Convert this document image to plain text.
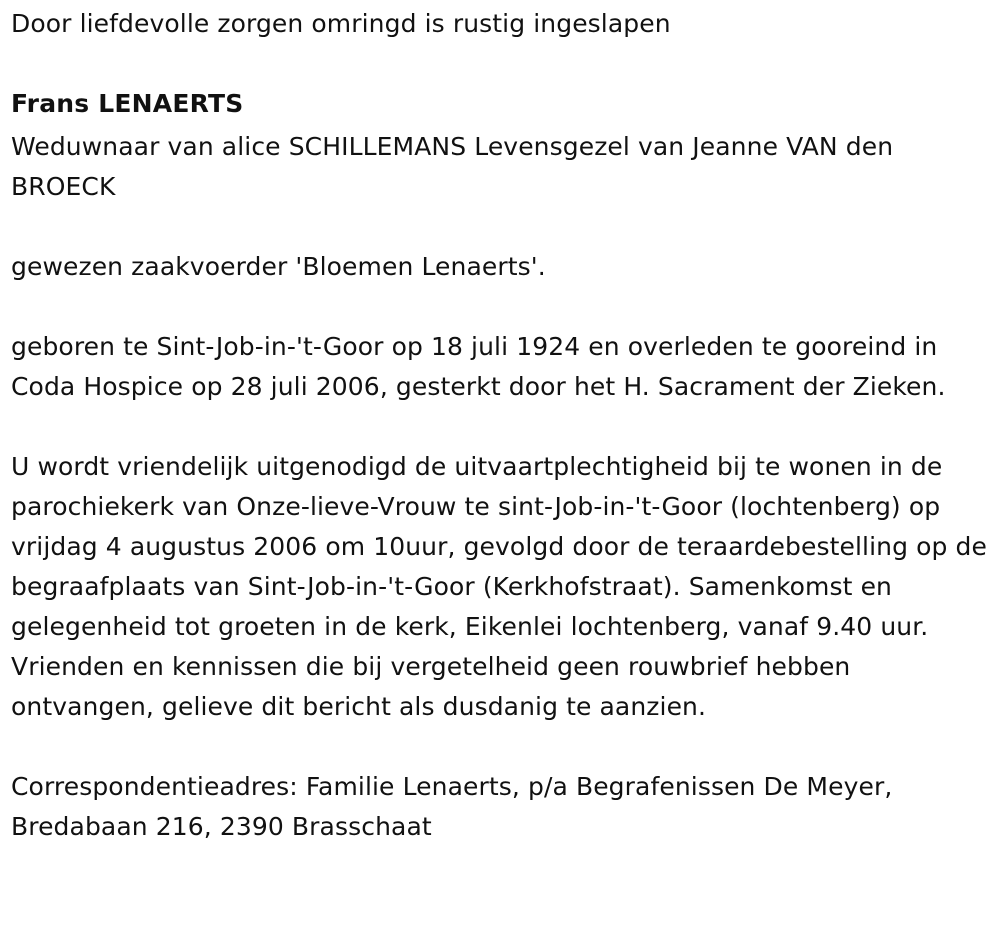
Door liefdevolle zorgen omringd is rustig ingeslapen

Frans LENAERTS

Weduwnaar van alice SCHILLEMANS Levensgezel van Jeanne VAN den BROECK

gewezen zaakvoerder 'Bloemen Lenaerts'.

geboren te Sint-Job-in-'t-Goor op 18 juli 1924 en overleden te gooreind in Coda Hospice op 28 juli 2006, gesterkt door het H. Sacrament der Zieken.

U wordt vriendelijk uitgenodigd de uitvaartplechtigheid bij te wonen in de parochiekerk van Onze-lieve-Vrouw te sint-Job-in-'t-Goor (lochtenberg) op vrijdag 4 augustus 2006 om 10uur, gevolgd door de teraardebestelling op de begraafplaats van Sint-Job-in-'t-Goor (Kerkhofstraat). Samenkomst en gelegenheid tot groeten in de kerk, Eikenlei lochtenberg, vanaf 9.40 uur. Vrienden en kennissen die bij vergetelheid geen rouwbrief hebben ontvangen, gelieve dit bericht als dusdanig te aanzien.

Correspondentieadres: Familie Lenaerts, p/a Begrafenissen De Meyer, Bredabaan 216, 2390 Brasschaat
